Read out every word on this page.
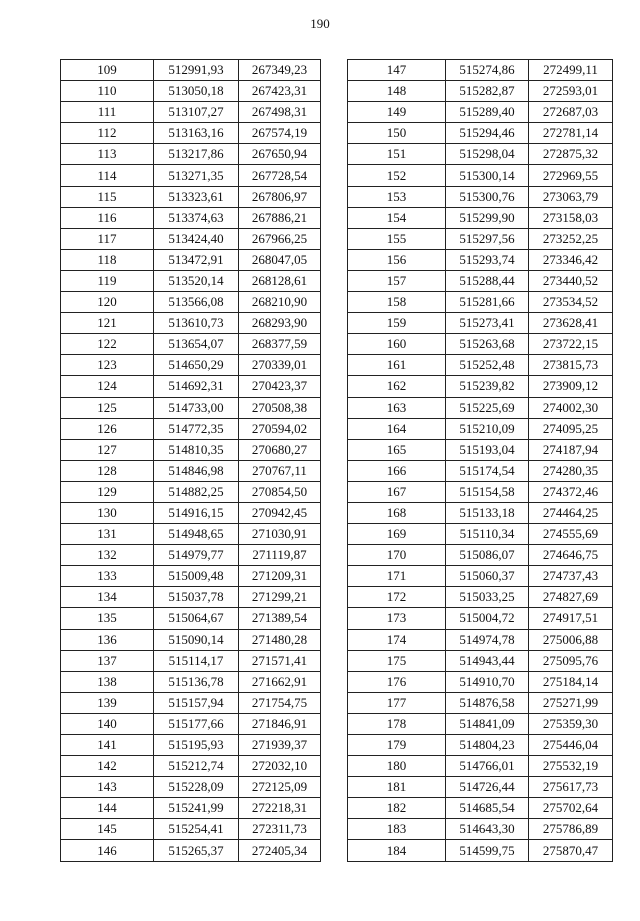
190
109	512991,93	267349,23
110	513050,18	267423,31
111	513107,27	267498,31
112	513163,16	267574,19
113	513217,86	267650,94
114	513271,35	267728,54
115	513323,61	267806,97
116	513374,63	267886,21
117	513424,40	267966,25
118	513472,91	268047,05
119	513520,14	268128,61
120	513566,08	268210,90
121	513610,73	268293,90
122	513654,07	268377,59
123	514650,29	270339,01
124	514692,31	270423,37
125	514733,00	270508,38
126	514772,35	270594,02
127	514810,35	270680,27
128	514846,98	270767,11
129	514882,25	270854,50
130	514916,15	270942,45
131	514948,65	271030,91
132	514979,77	271119,87
133	515009,48	271209,31
134	515037,78	271299,21
135	515064,67	271389,54
136	515090,14	271480,28
137	515114,17	271571,41
138	515136,78	271662,91
139	515157,94	271754,75
140	515177,66	271846,91
141	515195,93	271939,37
142	515212,74	272032,10
143	515228,09	272125,09
144	515241,99	272218,31
145	515254,41	272311,73
146	515265,37	272405,34
147	515274,86	272499,11
148	515282,87	272593,01
149	515289,40	272687,03
150	515294,46	272781,14
151	515298,04	272875,32
152	515300,14	272969,55
153	515300,76	273063,79
154	515299,90	273158,03
155	515297,56	273252,25
156	515293,74	273346,42
157	515288,44	273440,52
158	515281,66	273534,52
159	515273,41	273628,41
160	515263,68	273722,15
161	515252,48	273815,73
162	515239,82	273909,12
163	515225,69	274002,30
164	515210,09	274095,25
165	515193,04	274187,94
166	515174,54	274280,35
167	515154,58	274372,46
168	515133,18	274464,25
169	515110,34	274555,69
170	515086,07	274646,75
171	515060,37	274737,43
172	515033,25	274827,69
173	515004,72	274917,51
174	514974,78	275006,88
175	514943,44	275095,76
176	514910,70	275184,14
177	514876,58	275271,99
178	514841,09	275359,30
179	514804,23	275446,04
180	514766,01	275532,19
181	514726,44	275617,73
182	514685,54	275702,64
183	514643,30	275786,89
184	514599,75	275870,47
